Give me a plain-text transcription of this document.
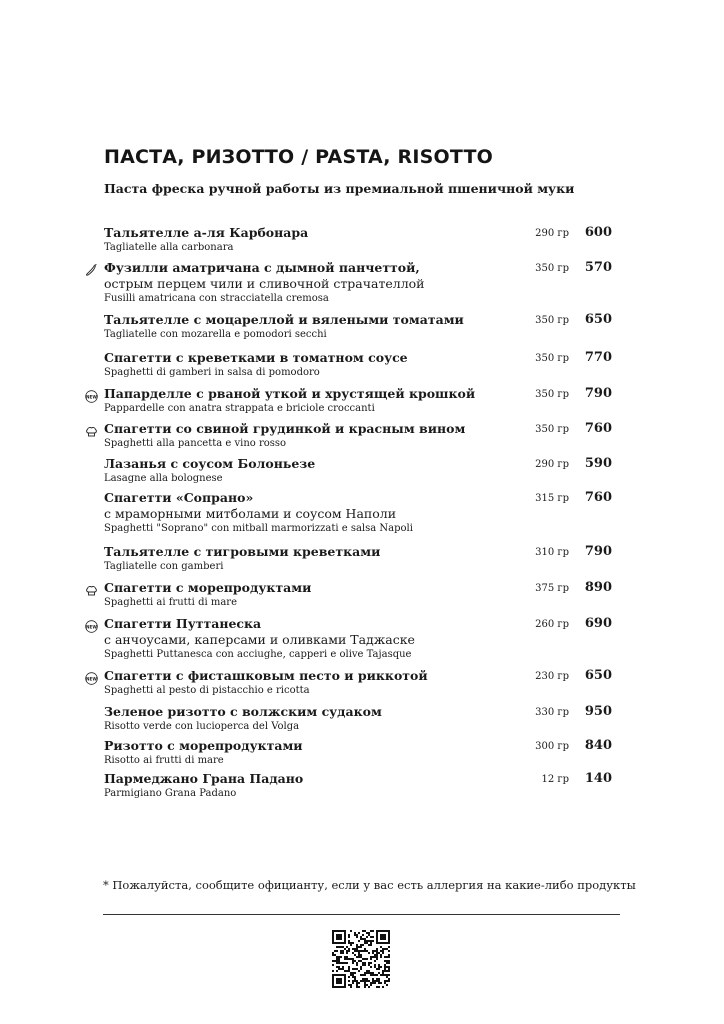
ПАСТА, РИЗОТТО / PASTA, RISOTTO
Паста фреска ручной работы из премиальной пшеничной муки
Тальятелле а-ля Карбонара
Tagliatelle alla carbonara
290 гр 600
Фузилли аматричана с дымной панчеттой,
острым перцем чили и сливочной страчателлой
Fusilli amatricana con stracciatella cremosa
350 гр 570
Тальятелле с моцареллой и вялеными томатами
Tagliatelle con mozarella e pomodori secchi
350 гр 650
Спагетти с креветками в томатном соусе
Spaghetti di gamberi in salsa di pomodoro
350 гр 770
NEW Папарделле с рваной уткой и хрустящей крошкой
Pappardelle con anatra strappata e briciole croccanti
350 гр 790
Спагетти со свиной грудинкой и красным вином
Spaghetti alla pancetta e vino rosso
350 гр 760
Лазанья с соусом Болоньезе
Lasagne alla bolognese
290 гр 590
Спагетти «Сопрано»
с мраморными митболами и соусом Наполи
Spaghetti "Soprano" con mitball marmorizzati e salsa Napoli
315 гр 760
Тальятелле с тигровыми креветками
Tagliatelle con gamberi
310 гр 790
Спагетти с морепродуктами
Spaghetti ai frutti di mare
375 гр 890
NEW Спагетти Путтанеска
с анчоусами, каперсами и оливками Таджаске
Spaghetti Puttanesca con acciughe, capperi e olive Tajasque
260 гр 690
NEW Спагетти с фисташковым песто и риккотой
Spaghetti al pesto di pistacchio e ricotta
230 гр 650
Зеленое ризотто с волжским судаком
Risotto verde con lucioperca del Volga
330 гр 950
Ризотто с морепродуктами
Risotto ai frutti di mare
300 гр 840
Пармеджано Грана Падано
Parmigiano Grana Padano
12 гр 140
* Пожалуйста, сообщите официанту, если у вас есть аллергия на какие-либо продукты
